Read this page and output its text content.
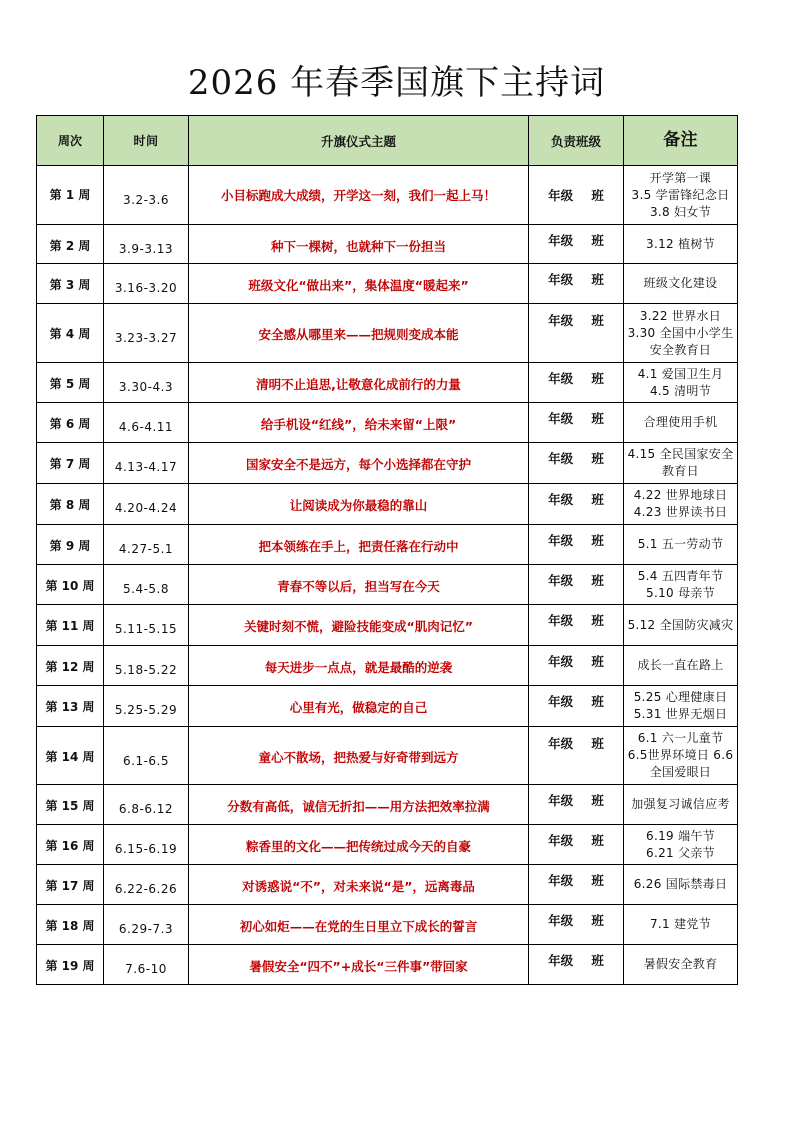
2026 年春季国旗下主持词
周次	时间	升旗仪式主题	负责班级	备注

第 1 周	3.2-3.6	小目标跑成大成绩，开学这一刻，我们一起上马！	年级 班	开学第一课
3.5 学雷锋纪念日
3.8 妇女节

第 2 周	3.9-3.13	种下一棵树，也就种下一份担当	年级 班	3.12 植树节

第 3 周	3.16-3.20	班级文化“做出来”，集体温度“暖起来”	年级 班	班级文化建设

第 4 周	3.23-3.27	安全感从哪里来——把规则变成本能	年级 班	3.22 世界水日
3.30 全国中小学生
安全教育日

第 5 周	3.30-4.3	清明不止追思,让敬意化成前行的力量	年级 班	4.1 爱国卫生月
4.5 清明节

第 6 周	4.6-4.11	给手机设“红线”，给未来留“上限”	年级 班	合理使用手机

第 7 周	4.13-4.17	国家安全不是远方，每个小选择都在守护	年级 班	4.15 全民国家安全
教育日

第 8 周	4.20-4.24	让阅读成为你最稳的靠山	年级 班	4.22 世界地球日
4.23 世界读书日

第 9 周	4.27-5.1	把本领练在手上，把责任落在行动中	年级 班	5.1 五一劳动节

第 10 周	5.4-5.8	青春不等以后，担当写在今天	年级 班	5.4 五四青年节
5.10 母亲节

第 11 周	5.11-5.15	关键时刻不慌，避险技能变成“肌肉记忆”	年级 班	5.12 全国防灾减灾

第 12 周	5.18-5.22	每天进步一点点，就是最酷的逆袭	年级 班	成长一直在路上

第 13 周	5.25-5.29	心里有光，做稳定的自己	年级 班	5.25 心理健康日
5.31 世界无烟日

第 14 周	6.1-6.5	童心不散场，把热爱与好奇带到远方	年级 班	6.1 六一儿童节
6.5世界环境日 6.6
全国爱眼日

第 15 周	6.8-6.12	分数有高低，诚信无折扣——用方法把效率拉满	年级 班	加强复习诚信应考

第 16 周	6.15-6.19	粽香里的文化——把传统过成今天的自豪	年级 班	6.19 端午节
6.21 父亲节

第 17 周	6.22-6.26	对诱惑说“不”，对未来说“是”，远离毒品	年级 班	6.26 国际禁毒日

第 18 周	6.29-7.3	初心如炬——在党的生日里立下成长的誓言	年级 班	7.1 建党节

第 19 周	7.6-10	暑假安全“四不”+成长“三件事”带回家	年级 班	暑假安全教育
